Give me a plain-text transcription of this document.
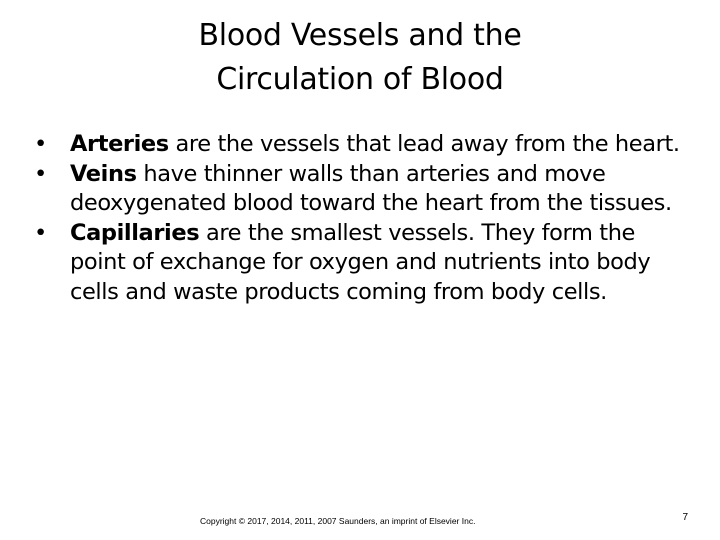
Blood Vessels and the
Circulation of Blood
•	Arteries are the vessels that lead away from the heart.
•	Veins have thinner walls than arteries and move deoxygenated blood toward the heart from the tissues.
•	Capillaries are the smallest vessels. They form the point of exchange for oxygen and nutrients into body cells and waste products coming from body cells.
Copyright © 2017, 2014, 2011, 2007 Saunders, an imprint of Elsevier Inc.	7
